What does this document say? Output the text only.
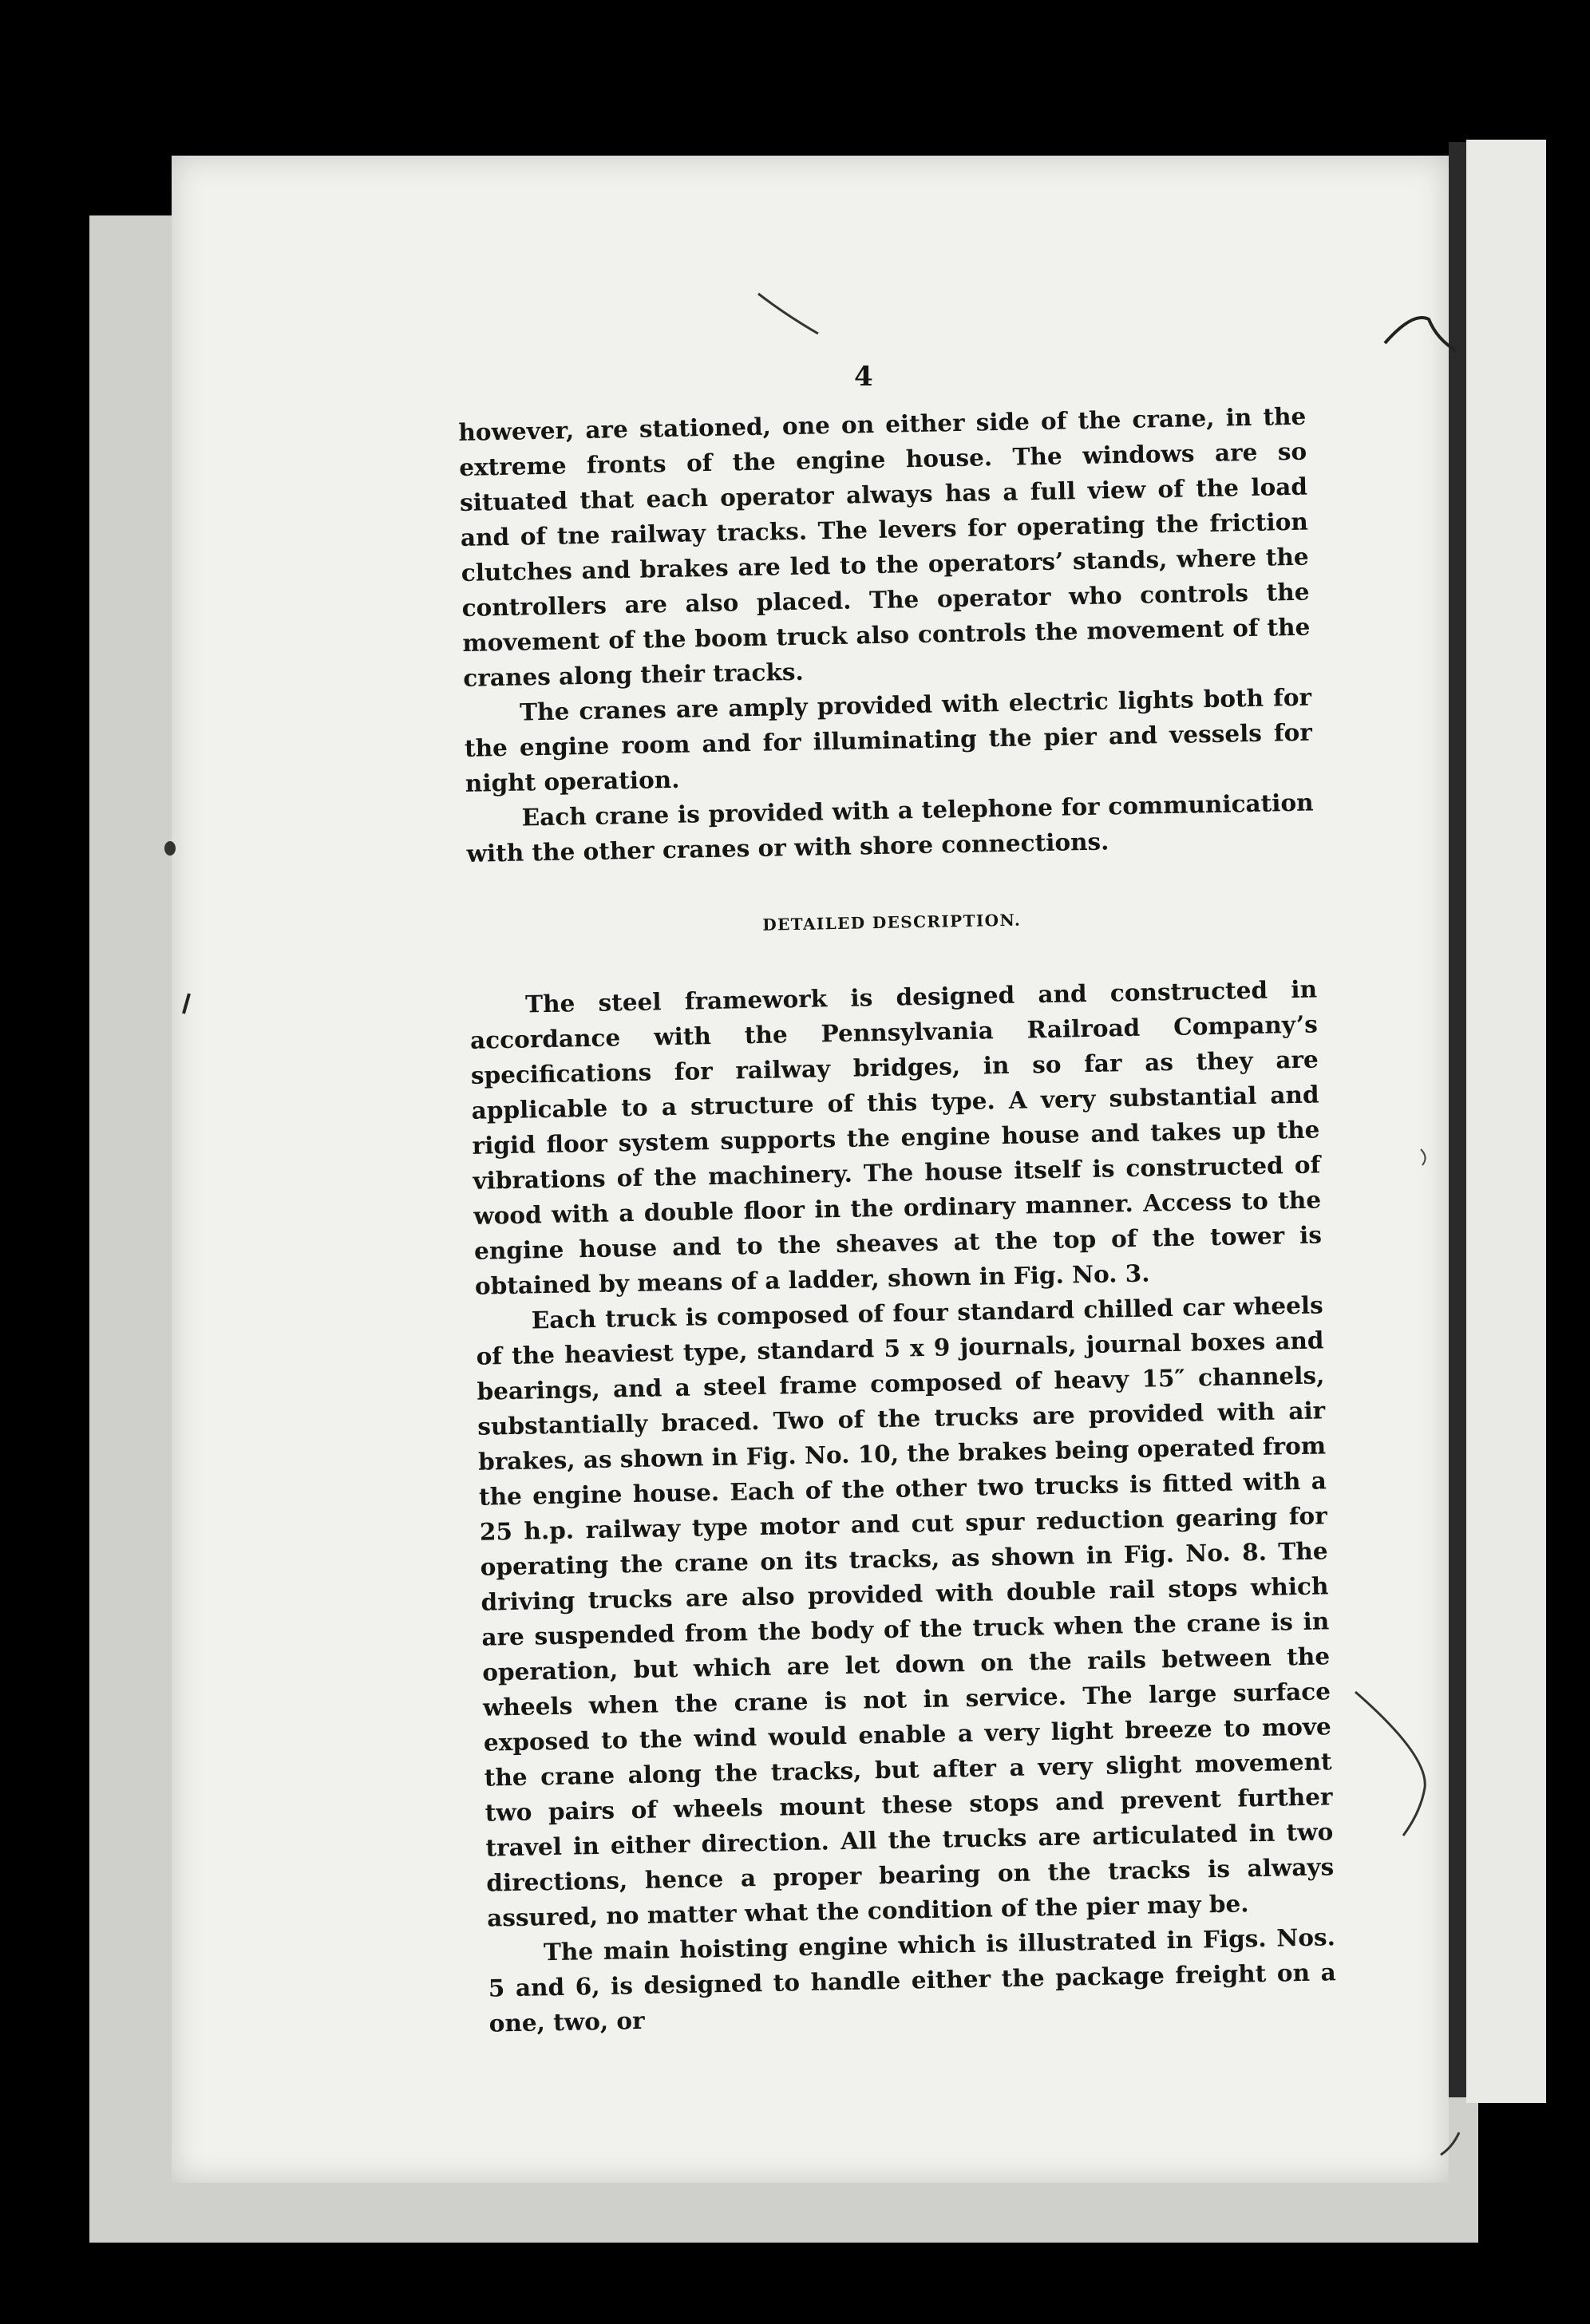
4

however, are stationed, one on either side of the crane, in the extreme fronts of the engine house. The windows are so situated that each operator always has a full view of the load and of tne railway tracks. The levers for operating the friction clutches and brakes are led to the operators’ stands, where the controllers are also placed. The operator who controls the movement of the boom truck also controls the movement of the cranes along their tracks.

The cranes are amply provided with electric lights both for the engine room and for illuminating the pier and vessels for night operation.

Each crane is provided with a telephone for communication with the other cranes or with shore connections.

DETAILED DESCRIPTION.

The steel framework is designed and constructed in accordance with the Pennsylvania Railroad Company’s specifications for railway bridges, in so far as they are applicable to a structure of this type. A very substantial and rigid floor system supports the engine house and takes up the vibrations of the machinery. The house itself is constructed of wood with a double floor in the ordinary manner. Access to the engine house and to the sheaves at the top of the tower is obtained by means of a ladder, shown in Fig. No. 3.

Each truck is composed of four standard chilled car wheels of the heaviest type, standard 5 x 9 journals, journal boxes and bearings, and a steel frame composed of heavy 15″ channels, substantially braced. Two of the trucks are provided with air brakes, as shown in Fig. No. 10, the brakes being operated from the engine house. Each of the other two trucks is fitted with a 25 h.p. railway type motor and cut spur reduction gearing for operating the crane on its tracks, as shown in Fig. No. 8. The driving trucks are also provided with double rail stops which are suspended from the body of the truck when the crane is in operation, but which are let down on the rails between the wheels when the crane is not in service. The large surface exposed to the wind would enable a very light breeze to move the crane along the tracks, but after a very slight movement two pairs of wheels mount these stops and prevent further travel in either direction. All the trucks are articulated in two directions, hence a proper bearing on the tracks is always assured, no matter what the condition of the pier may be.

The main hoisting engine which is illustrated in Figs. Nos. 5 and 6, is designed to handle either the package freight on a one, two, or
